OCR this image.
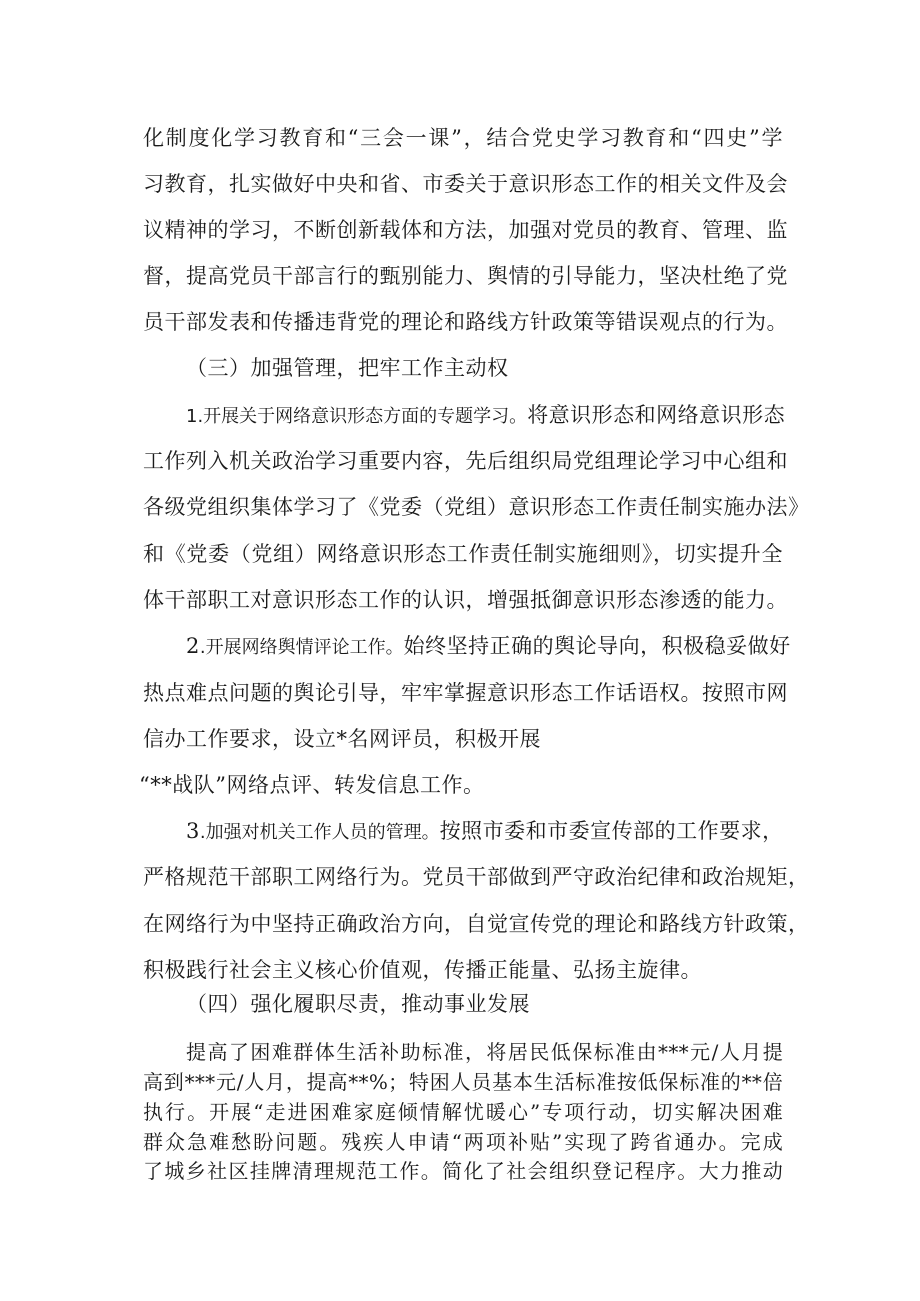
化制度化学习教育和“三会一课”，结合党史学习教育和“四史”学
习教育，扎实做好中央和省、市委关于意识形态工作的相关文件及会
议精神的学习，不断创新载体和方法，加强对党员的教育、管理、监
督，提高党员干部言行的甄别能力、舆情的引导能力，坚决杜绝了党
员干部发表和传播违背党的理论和路线方针政策等错误观点的行为。
（三）加强管理，把牢工作主动权
1.开展关于网络意识形态方面的专题学习。将意识形态和网络意识形态
工作列入机关政治学习重要内容，先后组织局党组理论学习中心组和
各级党组织集体学习了《党委（党组）意识形态工作责任制实施办法》
和《党委（党组）网络意识形态工作责任制实施细则》，切实提升全
体干部职工对意识形态工作的认识，增强抵御意识形态渗透的能力。
2.开展网络舆情评论工作。始终坚持正确的舆论导向，积极稳妥做好
热点难点问题的舆论引导，牢牢掌握意识形态工作话语权。按照市网
信办工作要求，设立*名网评员，积极开展
“**战队”网络点评、转发信息工作。
3.加强对机关工作人员的管理。按照市委和市委宣传部的工作要求，
严格规范干部职工网络行为。党员干部做到严守政治纪律和政治规矩，
在网络行为中坚持正确政治方向，自觉宣传党的理论和路线方针政策，
积极践行社会主义核心价值观，传播正能量、弘扬主旋律。
（四）强化履职尽责，推动事业发展
提高了困难群体生活补助标准，将居民低保标准由***元/人月提
高到***元/人月，提高**%；特困人员基本生活标准按低保标准的**倍
执行。开展“走进困难家庭倾情解忧暖心”专项行动，切实解决困难
群众急难愁盼问题。残疾人申请“两项补贴”实现了跨省通办。完成
了城乡社区挂牌清理规范工作。简化了社会组织登记程序。大力推动
